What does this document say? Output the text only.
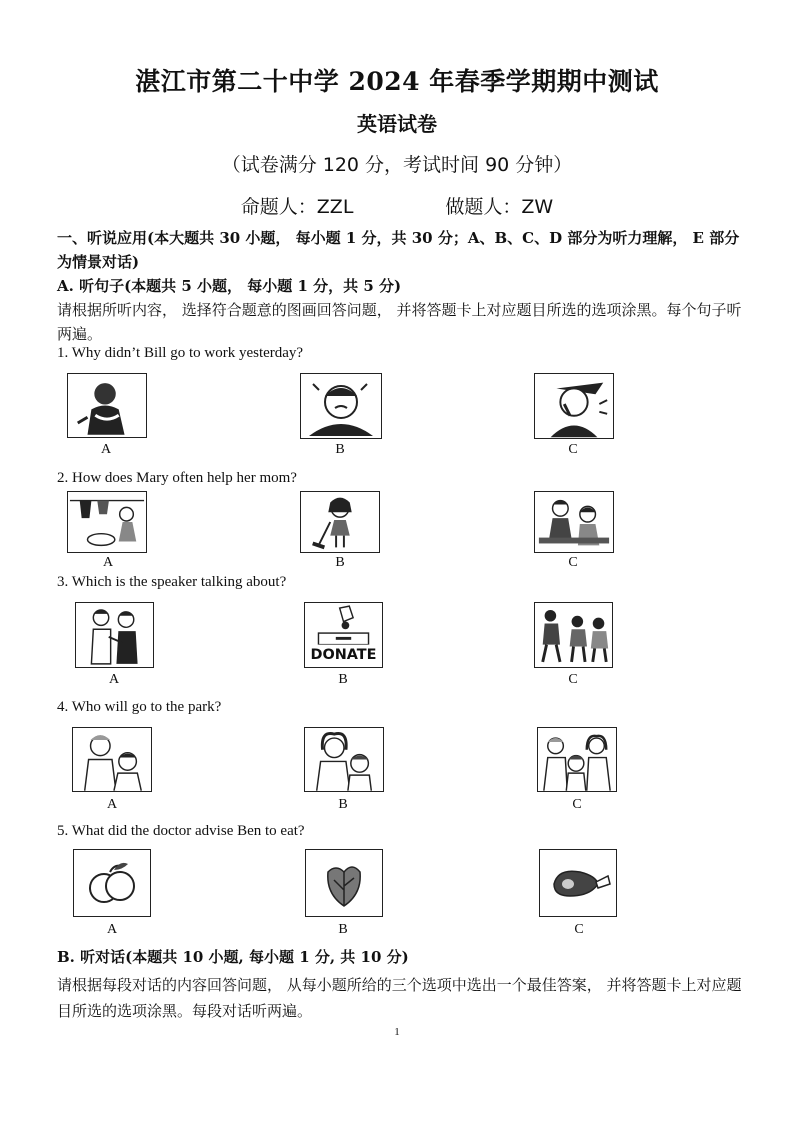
湛江市第二十中学 2024 年春季学期期中测试
英语试卷
（试卷满分 120 分，考试时间 90 分钟）
命题人：ZZL	做题人：ZW
一、听说应用(本大题共 30 小题， 每小题 1 分，共 30 分；A、B、C、D 部分为听力理解， E 部分为情景对话)
A. 听句子(本题共 5 小题， 每小题 1 分，共 5 分)
请根据所听内容， 选择符合题意的图画回答问题， 并将答题卡上对应题目所选的选项涂黑。每个句子听两遍。
1. Why didn’t Bill go to work yesterday?
A	B	C
2. How does Mary often help her mom?
A	B	C
3. Which is the speaker talking about?
A
DONATE
B	C
4. Who will go to the park?
A	B	C
5. What did the doctor advise Ben to eat?
A	B	C
B. 听对话(本题共 10 小题, 每小题 1 分, 共 10 分)
请根据每段对话的内容回答问题， 从每小题所给的三个选项中选出一个最佳答案， 并将答题卡上对应题目所选的选项涂黑。每段对话听两遍。
1
